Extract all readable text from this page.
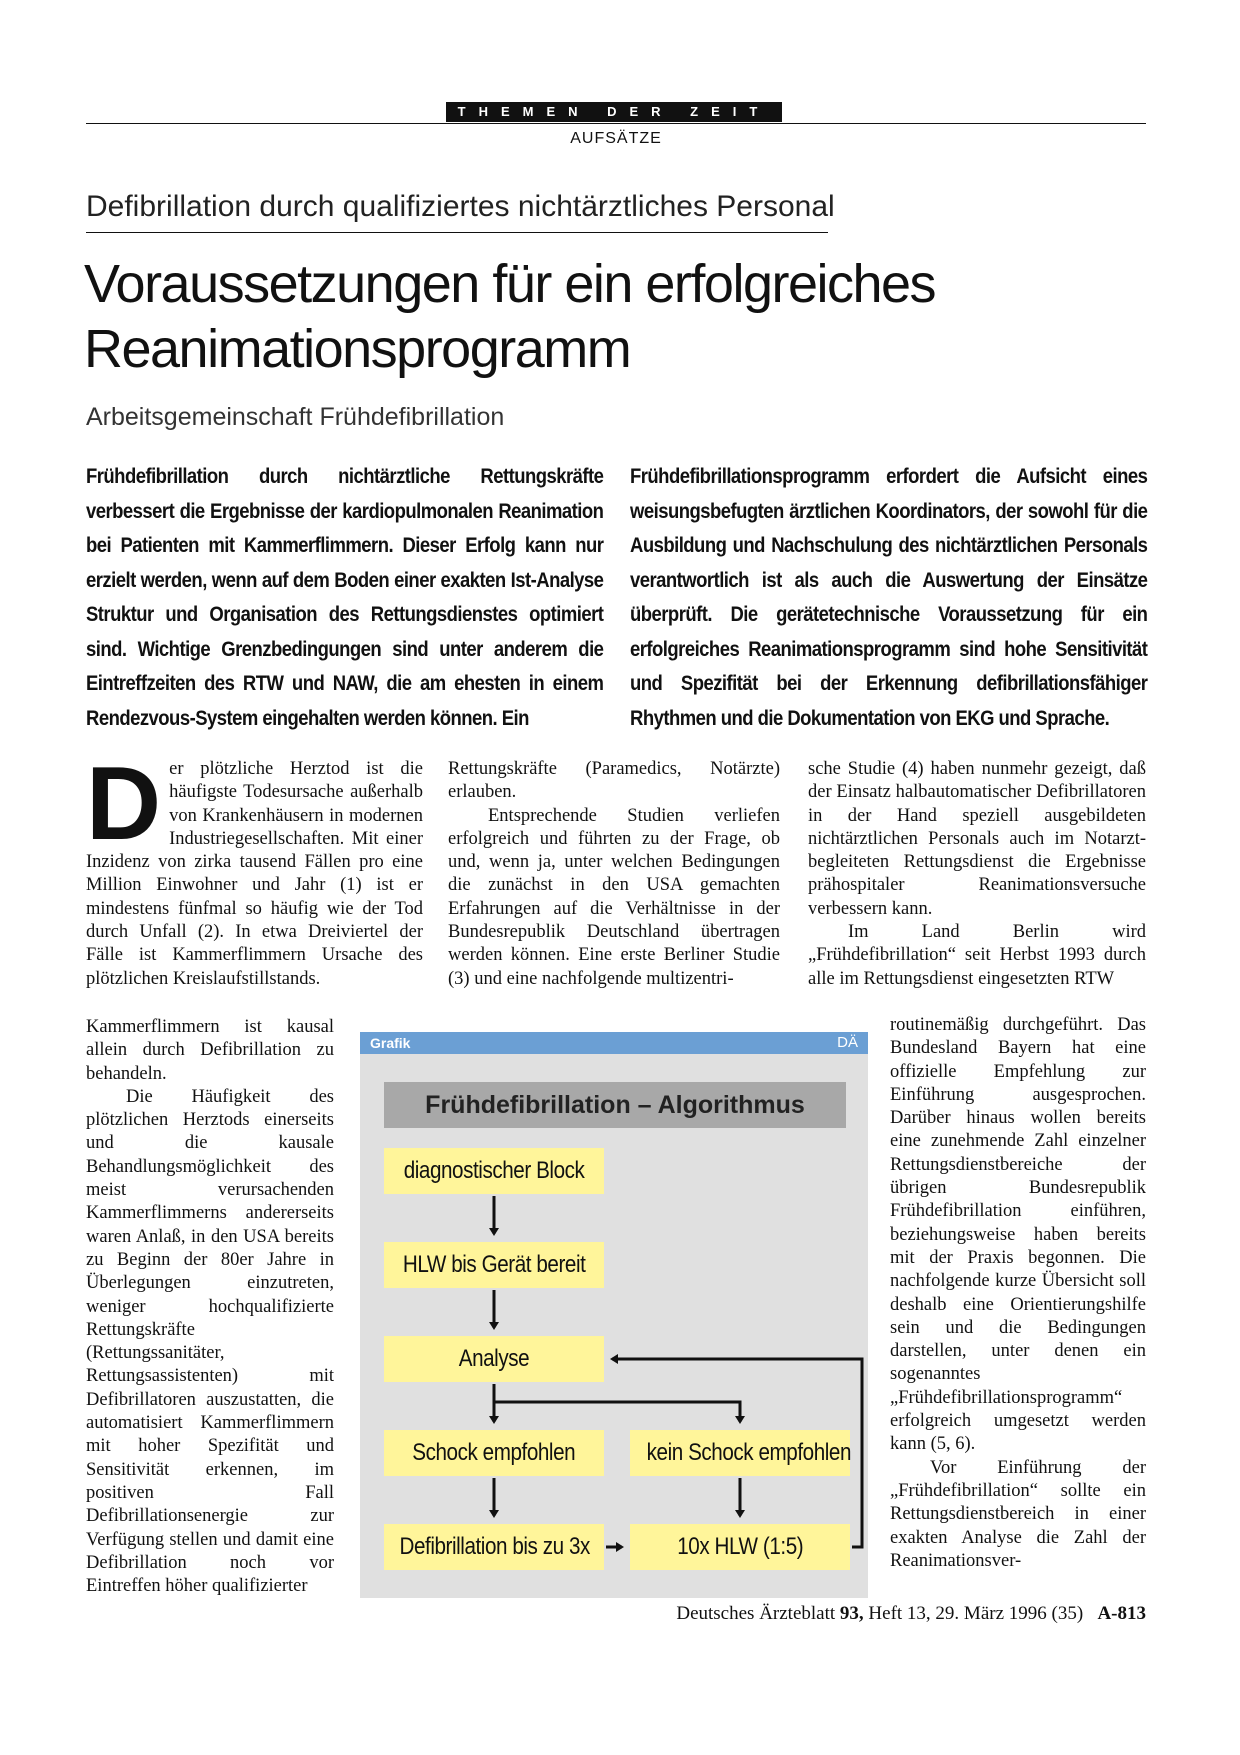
THEMEN DER ZEIT
AUFSÄTZE
Defibrillation durch qualifiziertes nichtärztliches Personal
Voraussetzungen für ein erfolgreiches
Reanimationsprogramm
Arbeitsgemeinschaft Frühdefibrillation
Frühdefibrillation durch nichtärztliche Rettungskräfte verbessert die Ergebnisse der kardiopulmonalen Reanimation bei Patienten mit Kammerflimmern. Dieser Erfolg kann nur erzielt werden, wenn auf dem Boden einer exakten Ist-Analyse Struktur und Organisation des Rettungsdienstes optimiert sind. Wichtige Grenzbedingungen sind unter anderem die Eintreffzeiten des RTW und NAW, die am ehesten in einem Rendezvous-System eingehalten werden können. Ein
Frühdefibrillationsprogramm erfordert die Aufsicht eines weisungsbefugten ärztlichen Koordinators, der sowohl für die Ausbildung und Nachschulung des nichtärztlichen Personals verantwortlich ist als auch die Auswertung der Einsätze überprüft. Die gerätetechnische Voraussetzung für ein erfolgreiches Reanimationsprogramm sind hohe Sensitivität und Spezifität bei der Erkennung defibrillationsfähiger Rhythmen und die Dokumentation von EKG und Sprache.

Der plötzliche Herztod ist die häufigste Todesursache außerhalb von Krankenhäusern in modernen Industriegesellschaften. Mit einer Inzidenz von zirka tausend Fällen pro eine Million Einwohner und Jahr (1) ist er mindestens fünfmal so häufig wie der Tod durch Unfall (2). In etwa Dreiviertel der Fälle ist Kammerflimmern Ursache des plötzlichen Kreislaufstillstands.

Kammerflimmern ist kausal allein durch Defibrillation zu behandeln.

Die Häufigkeit des plötzlichen Herztods einerseits und die kausale Behandlungsmöglichkeit des meist verursachenden Kammerflimmerns andererseits waren Anlaß, in den USA bereits zu Beginn der 80er Jahre in Überlegungen einzutreten, weniger hochqualifizierte Rettungskräfte (Rettungssanitäter, Rettungsassistenten) mit Defibrillatoren auszustatten, die automatisiert Kammerflimmern mit hoher Spezifität und Sensitivität erkennen, im positiven Fall Defibrillationsenergie zur Verfügung stellen und damit eine Defibrillation noch vor Eintreffen höher qualifizierter

Rettungskräfte (Paramedics, Notärzte) erlauben.

Entsprechende Studien verliefen erfolgreich und führten zu der Frage, ob und, wenn ja, unter welchen Bedingungen die zunächst in den USA gemachten Erfahrungen auf die Verhältnisse in der Bundesrepublik Deutschland übertragen werden können. Eine erste Berliner Studie (3) und eine nachfolgende multizentri-

sche Studie (4) haben nunmehr gezeigt, daß der Einsatz halbautomatischer Defibrillatoren in der Hand speziell ausgebildeten nichtärztlichen Personals auch im Notarzt-begleiteten Rettungsdienst die Ergebnisse prähospitaler Reanimationsversuche verbessern kann.

Im Land Berlin wird „Frühdefibrillation“ seit Herbst 1993 durch alle im Rettungsdienst eingesetzten RTW

routinemäßig durchgeführt. Das Bundesland Bayern hat eine offizielle Empfehlung zur Einführung ausgesprochen. Darüber hinaus wollen bereits eine zunehmende Zahl einzelner Rettungsdienstbereiche der übrigen Bundesrepublik Frühdefibrillation einführen, beziehungsweise haben bereits mit der Praxis begonnen. Die nachfolgende kurze Übersicht soll deshalb eine Orientierungshilfe sein und die Bedingungen darstellen, unter denen ein sogenanntes „Frühdefibrillationsprogramm“ erfolgreich umgesetzt werden kann (5, 6).

Vor Einführung der „Frühdefibrillation“ sollte ein Rettungsdienstbereich in einer exakten Analyse die Zahl der Reanimationsver-

Grafik	DÄ
Frühdefibrillation – Algorithmus
diagnostischer Block
HLW bis Gerät bereit
Analyse
Schock empfohlen	kein Schock empfohlen
Defibrillation bis zu 3x	10x HLW (1:5)
Deutsches Ärzteblatt 93, Heft 13, 29. März 1996 (35) A-813
